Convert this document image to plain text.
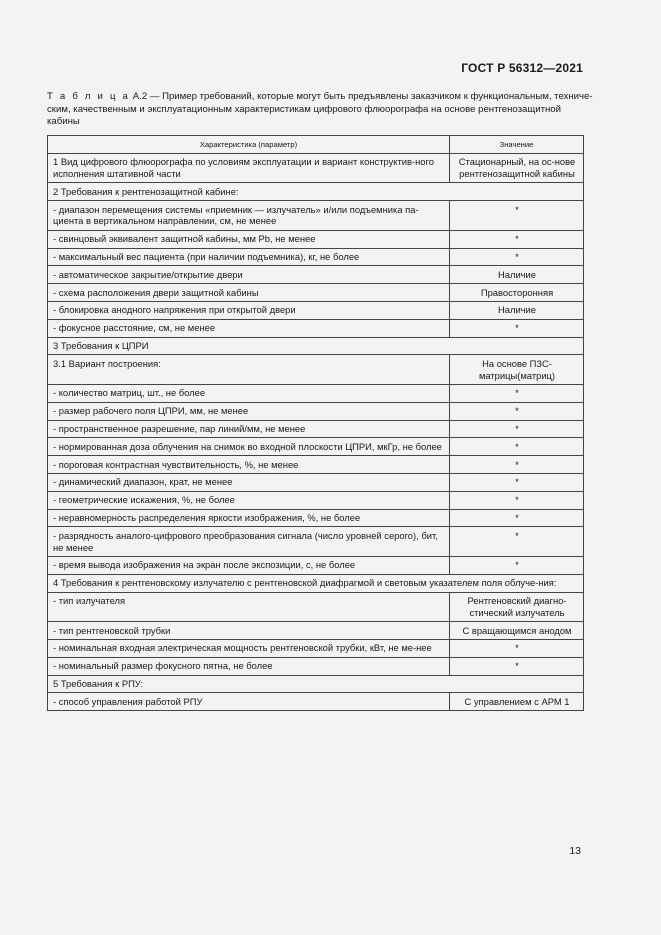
ГОСТ Р 56312—2021
Т а б л и ц а А.2 — Пример требований, которые могут быть предъявлены заказчиком к функциональным, техниче-ским, качественным и эксплуатационным характеристикам цифрового флюорографа на основе рентгенозащитной кабины
Характеристика (параметр)	Значение
1 Вид цифрового флюорографа по условиям эксплуатации и вариант конструктив-ного исполнения штативной части	Стационарный, на ос-нове рентгенозащитной кабины
2 Требования к рентгенозащитной кабине:	
- диапазон перемещения системы «приемник — излучатель» и/или подъемника па-циента в вертикальном направлении, см, не менее	*
- свинцовый эквивалент защитной кабины, мм Pb, не менее	*
- максимальный вес пациента (при наличии подъемника), кг, не более	*
- автоматическое закрытие/открытие двери	Наличие
- схема расположения двери защитной кабины	Правосторонняя
- блокировка анодного напряжения при открытой двери	Наличие
- фокусное расстояние, см, не менее	*
3 Требования к ЦПРИ	
3.1 Вариант построения:	На основе ПЗС-матрицы(матриц)
- количество матриц, шт., не более	*
- размер рабочего поля ЦПРИ, мм, не менее	*
- пространственное разрешение, пар линий/мм, не менее	*
- нормированная доза облучения на снимок во входной плоскости ЦПРИ, мкГр, не более	*
- пороговая контрастная чувствительность, %, не менее	*
- динамический диапазон, крат, не менее	*
- геометрические искажения, %, не более	*
- неравномерность распределения яркости изображения, %, не более	*
- разрядность аналого-цифрового преобразования сигнала (число уровней серого), бит, не менее	*
- время вывода изображения на экран после экспозиции, с, не более	*
4 Требования к рентгеновскому излучателю с рентгеновской диафрагмой и световым указателем поля облуче-ния:	
- тип излучателя	Рентгеновский диагно-стический излучатель
- тип рентгеновской трубки	С вращающимся анодом
- номинальная входная электрическая мощность рентгеновской трубки, кВт, не ме-нее	*
- номинальный размер фокусного пятна, не более	*
5 Требования к РПУ:	
- способ управления работой РПУ	С управлением с АРМ 1
13
